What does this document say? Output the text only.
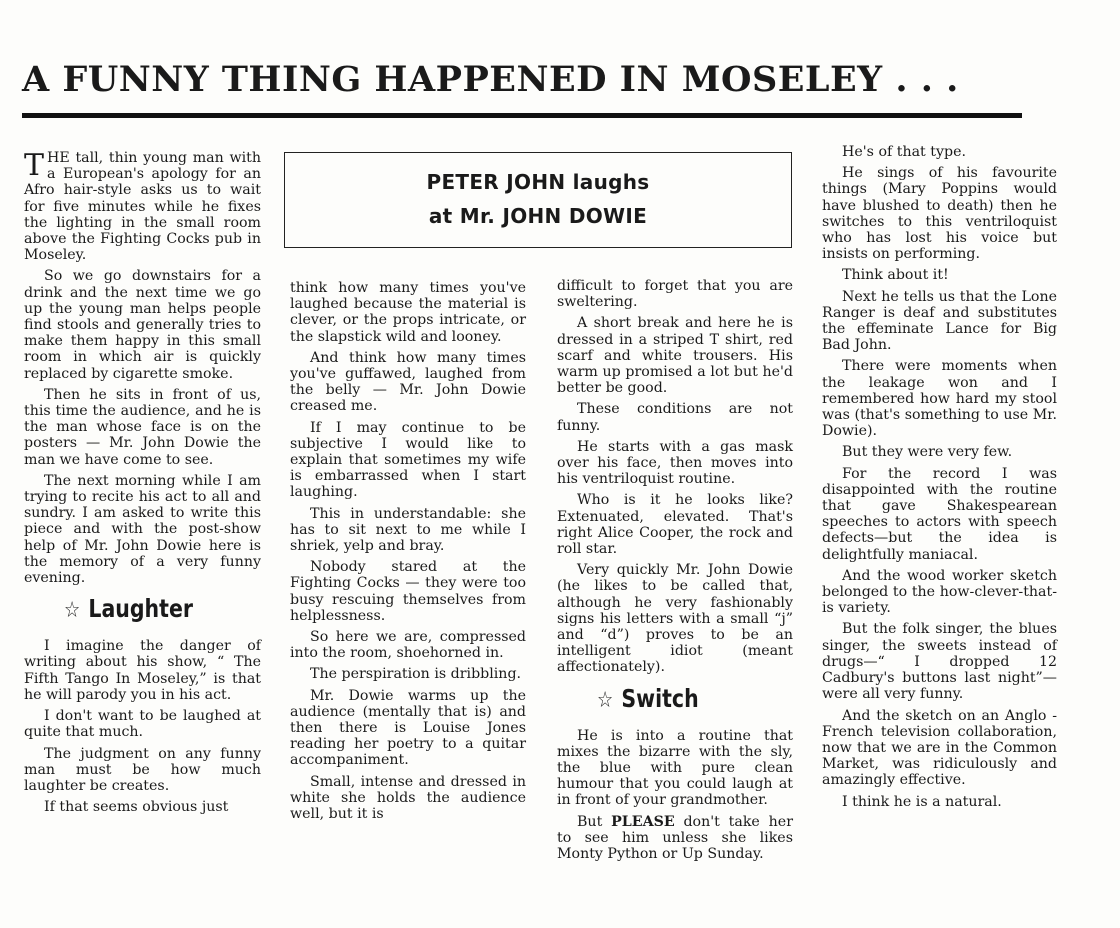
A FUNNY THING HAPPENED IN MOSELEY . . .
PETER JOHN laughs
at Mr. JOHN DOWIE

THE tall, thin young man with a European's apology for an Afro hair-style asks us to wait for five minutes while he fixes the lighting in the small room above the Fighting Cocks pub in Moseley.

So we go downstairs for a drink and the next time we go up the young man helps people find stools and generally tries to make them happy in this small room in which air is quickly replaced by cigarette smoke.

Then he sits in front of us, this time the audience, and he is the man whose face is on the posters — Mr. John Dowie the man we have come to see.

The next morning while I am trying to recite his act to all and sundry. I am asked to write this piece and with the post-show help of Mr. John Dowie here is the memory of a very funny evening.

☆ Laughter

I imagine the danger of writing about his show, “ The Fifth Tango In Moseley,” is that he will parody you in his act.

I don't want to be laughed at quite that much.

The judgment on any funny man must be how much laughter be creates.

If that seems obvious just

think how many times you've laughed because the material is clever, or the props intricate, or the slapstick wild and looney.

And think how many times you've guffawed, laughed from the belly — Mr. John Dowie creased me.

If I may continue to be subjective I would like to explain that sometimes my wife is embarrassed when I start laughing.

This in understandable: she has to sit next to me while I shriek, yelp and bray.

Nobody stared at the Fighting Cocks — they were too busy rescuing themselves from helplessness.

So here we are, compressed into the room, shoehorned in.

The perspiration is dribbling.

Mr. Dowie warms up the audience (mentally that is) and then there is Louise Jones reading her poetry to a quitar accompaniment.

Small, intense and dressed in white she holds the audience well, but it is

difficult to forget that you are sweltering.

A short break and here he is dressed in a striped T shirt, red scarf and white trousers. His warm up promised a lot but he'd better be good.

These conditions are not funny.

He starts with a gas mask over his face, then moves into his ventriloquist routine.

Who is it he looks like? Extenuated, elevated. That's right Alice Cooper, the rock and roll star.

Very quickly Mr. John Dowie (he likes to be called that, although he very fashionably signs his letters with a small “j” and “d”) proves to be an intelligent idiot (meant affectionately).

☆ Switch

He is into a routine that mixes the bizarre with the sly, the blue with pure clean humour that you could laugh at in front of your grandmother.

But PLEASE don't take her to see him unless she likes Monty Python or Up Sunday.

He's of that type.

He sings of his favourite things (Mary Poppins would have blushed to death) then he switches to this ventriloquist who has lost his voice but insists on performing.

Think about it!

Next he tells us that the Lone Ranger is deaf and substitutes the effeminate Lance for Big Bad John.

There were moments when the leakage won and I remembered how hard my stool was (that's something to use Mr. Dowie).

But they were very few.

For the record I was disappointed with the routine that gave Shakespearean speeches to actors with speech defects—but the idea is delightfully maniacal.

And the wood worker sketch belonged to the how-clever-that-is variety.

But the folk singer, the blues singer, the sweets instead of drugs—“ I dropped 12 Cadbury's buttons last night”—were all very funny.

And the sketch on an Anglo - French television collaboration, now that we are in the Common Market, was ridiculously and amazingly effective.

I think he is a natural.
